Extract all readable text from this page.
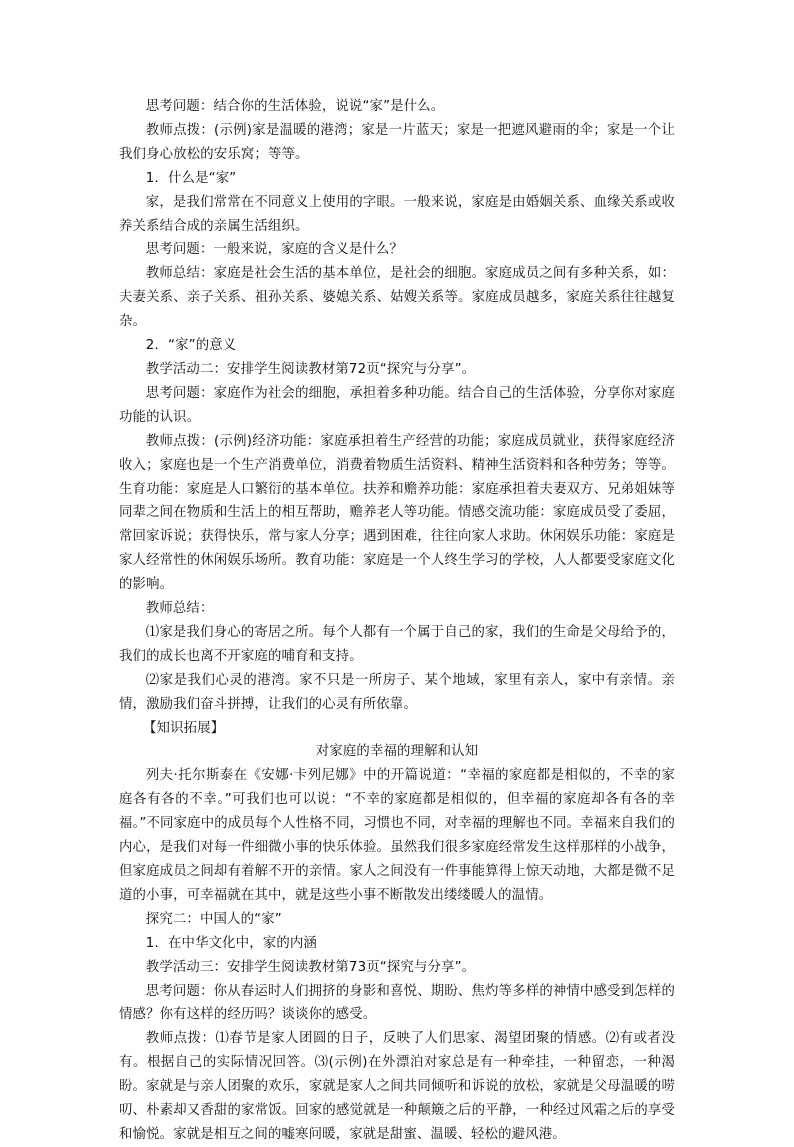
思考问题：结合你的生活体验，说说“家”是什么。

教师点拨：(示例)家是温暖的港湾；家是一片蓝天；家是一把遮风避雨的伞；家是一个让我们身心放松的安乐窝；等等。

1．什么是“家”

家，是我们常常在不同意义上使用的字眼。一般来说，家庭是由婚姻关系、血缘关系或收养关系结合成的亲属生活组织。

思考问题：一般来说，家庭的含义是什么？

教师总结：家庭是社会生活的基本单位，是社会的细胞。家庭成员之间有多种关系，如：夫妻关系、亲子关系、祖孙关系、婆媳关系、姑嫂关系等。家庭成员越多，家庭关系往往越复杂。

2．“家”的意义

教学活动二：安排学生阅读教材第72页“探究与分享”。

思考问题：家庭作为社会的细胞，承担着多种功能。结合自己的生活体验，分享你对家庭功能的认识。

教师点拨：(示例)经济功能：家庭承担着生产经营的功能；家庭成员就业，获得家庭经济收入；家庭也是一个生产消费单位，消费着物质生活资料、精神生活资料和各种劳务；等等。生育功能：家庭是人口繁衍的基本单位。扶养和赡养功能：家庭承担着夫妻双方、兄弟姐妹等同辈之间在物质和生活上的相互帮助，赡养老人等功能。情感交流功能：家庭成员受了委屈，常回家诉说；获得快乐，常与家人分享；遇到困难，往往向家人求助。休闲娱乐功能：家庭是家人经常性的休闲娱乐场所。教育功能：家庭是一个人终生学习的学校，人人都要受家庭文化的影响。

教师总结：

⑴家是我们身心的寄居之所。每个人都有一个属于自己的家，我们的生命是父母给予的，我们的成长也离不开家庭的哺育和支持。

⑵家是我们心灵的港湾。家不只是一所房子、某个地域，家里有亲人，家中有亲情。亲情，激励我们奋斗拼搏，让我们的心灵有所依靠。

【知识拓展】

对家庭的幸福的理解和认知

列夫·托尔斯泰在《安娜·卡列尼娜》中的开篇说道：“幸福的家庭都是相似的，不幸的家庭各有各的不幸。”可我们也可以说：“不幸的家庭都是相似的，但幸福的家庭却各有各的幸福。”不同家庭中的成员每个人性格不同，习惯也不同，对幸福的理解也不同。幸福来自我们的内心，是我们对每一件细微小事的快乐体验。虽然我们很多家庭经常发生这样那样的小战争，但家庭成员之间却有着解不开的亲情。家人之间没有一件事能算得上惊天动地，大都是微不足道的小事，可幸福就在其中，就是这些小事不断散发出缕缕暖人的温情。

探究二：中国人的“家”

1．在中华文化中，家的内涵

教学活动三：安排学生阅读教材第73页“探究与分享”。

思考问题：你从春运时人们拥挤的身影和喜悦、期盼、焦灼等多样的神情中感受到怎样的情感？你有这样的经历吗？谈谈你的感受。

教师点拨：⑴春节是家人团圆的日子，反映了人们思家、渴望团聚的情感。⑵有或者没有。根据自己的实际情况回答。⑶(示例)在外漂泊对家总是有一种牵挂，一种留恋，一种渴盼。家就是与亲人团聚的欢乐，家就是家人之间共同倾听和诉说的放松，家就是父母温暖的唠叨、朴素却又香甜的家常饭。回家的感觉就是一种颠簸之后的平静，一种经过风霜之后的享受和愉悦。家就是相互之间的嘘寒问暖，家就是甜蜜、温暖、轻松的避风港。
